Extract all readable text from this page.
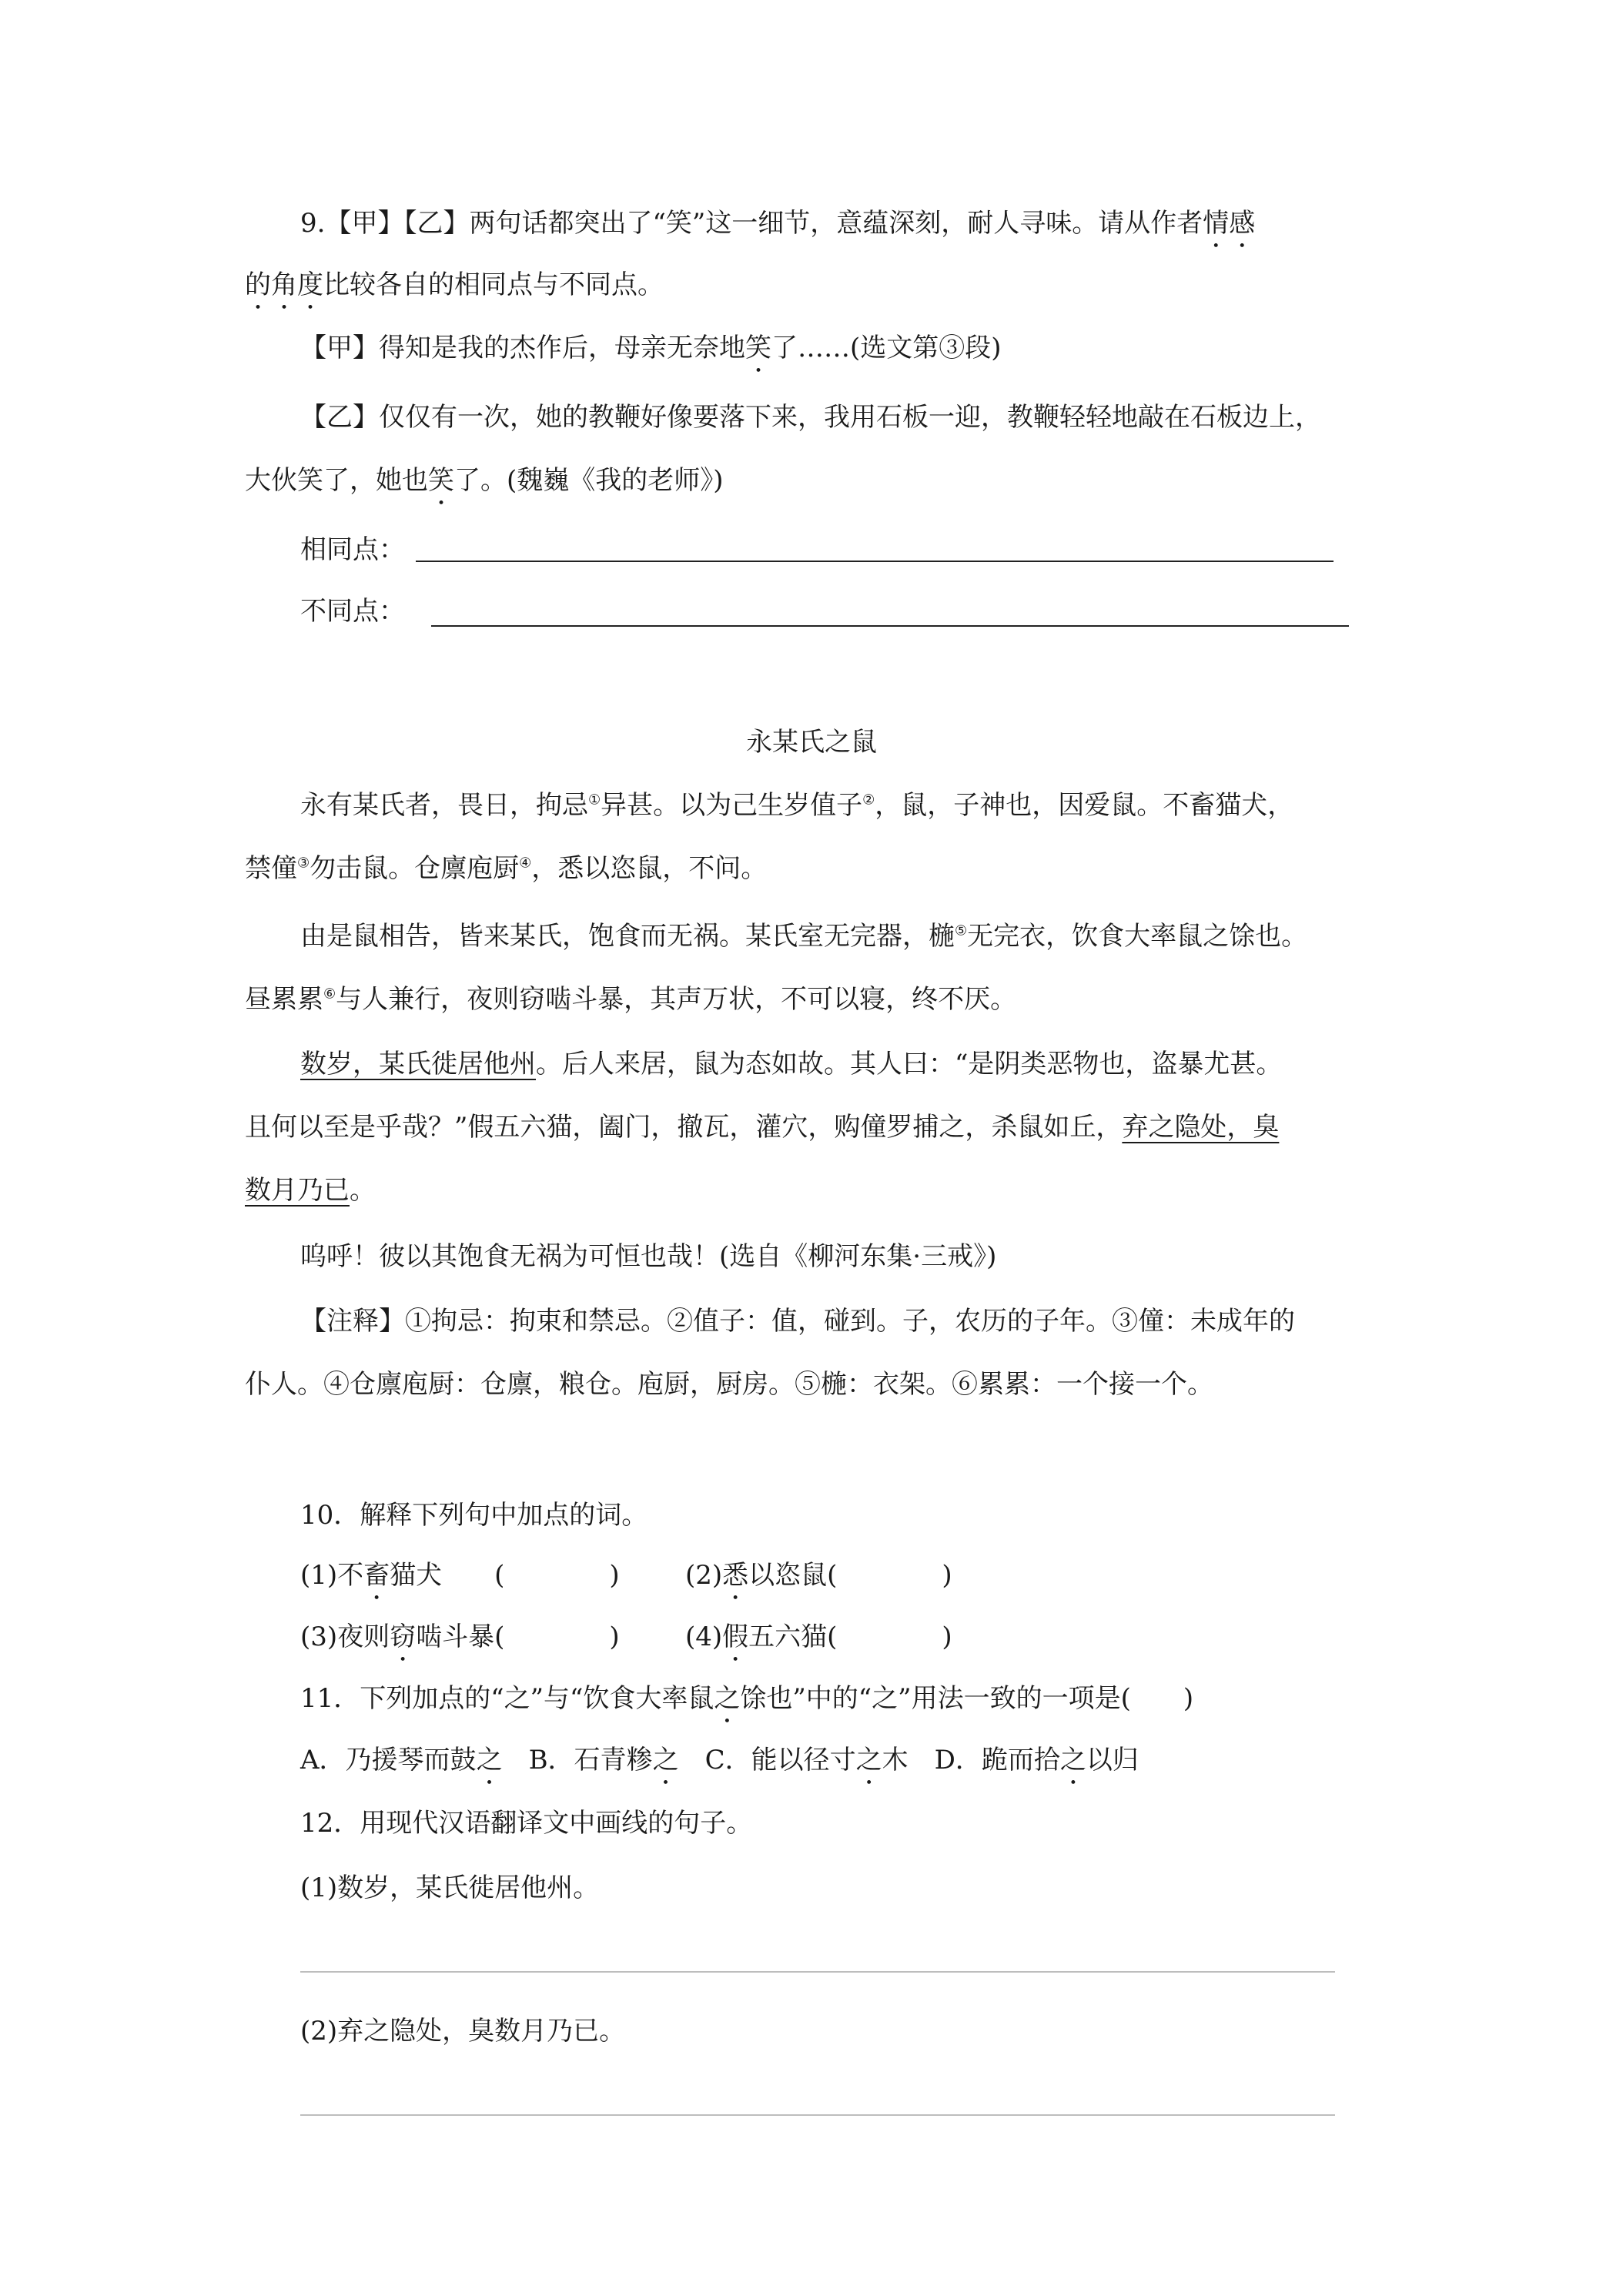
9.【甲】【乙】两句话都突出了“笑”这一细节，意蕴深刻，耐人寻味。请从作者情感
的角度比较各自的相同点与不同点。
【甲】得知是我的杰作后，母亲无奈地笑了……(选文第③段)
【乙】仅仅有一次，她的教鞭好像要落下来，我用石板一迎，教鞭轻轻地敲在石板边上，
大伙笑了，她也笑了。(魏巍《我的老师》)
相同点：
不同点：
永某氏之鼠
永有某氏者，畏日，拘忌①异甚。以为己生岁值子②，鼠，子神也，因爱鼠。不畜猫犬，
禁僮③勿击鼠。仓廪庖厨④，悉以恣鼠，不问。
由是鼠相告，皆来某氏，饱食而无祸。某氏室无完器，椸⑤无完衣，饮食大率鼠之馀也。
昼累累⑥与人兼行，夜则窃啮斗暴，其声万状，不可以寝，终不厌。
数岁，某氏徙居他州。后人来居，鼠为态如故。其人曰：“是阴类恶物也，盗暴尤甚。
且何以至是乎哉？”假五六猫，阖门，撤瓦，灌穴，购僮罗捕之，杀鼠如丘，弃之隐处，臭
数月乃已。
呜呼！彼以其饱食无祸为可恒也哉！(选自《柳河东集·三戒》)
【注释】①拘忌：拘束和禁忌。②值子：值，碰到。子，农历的子年。③僮：未成年的
仆人。④仓廪庖厨：仓廪，粮仓。庖厨，厨房。⑤椸：衣架。⑥累累：一个接一个。
10．解释下列句中加点的词。
(1)不畜猫犬　　(　　　　)	(2)悉以恣鼠(　　　　)
(3)夜则窃啮斗暴(　　　　)	(4)假五六猫(　　　　)
11．下列加点的“之”与“饮食大率鼠之馀也”中的“之”用法一致的一项是(　　)
A．乃援琴而鼓之　 B．石青糁之　 C．能以径寸之木　 D．跪而拾之以归
12．用现代汉语翻译文中画线的句子。
(1)数岁，某氏徙居他州。
(2)弃之隐处，臭数月乃已。
